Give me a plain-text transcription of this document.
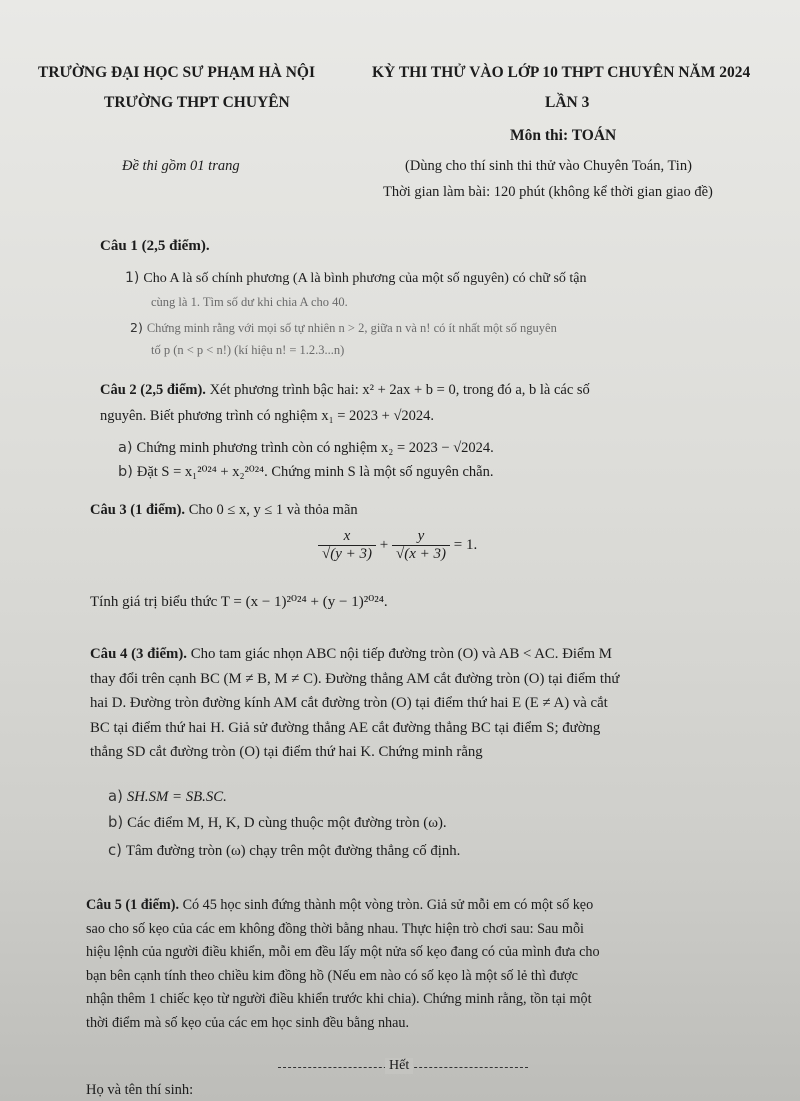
TRƯỜNG ĐẠI HỌC SƯ PHẠM HÀ NỘI
TRƯỜNG THPT CHUYÊN
Đề thi gồm 01 trang
KỲ THI THỬ VÀO LỚP 10 THPT CHUYÊN NĂM 2024
LẦN 3
Môn thi: TOÁN
(Dùng cho thí sinh thi thử vào Chuyên Toán, Tin)
Thời gian làm bài: 120 phút (không kể thời gian giao đề)
Câu 1 (2,5 điểm).
1) Cho A là số chính phương (A là bình phương của một số nguyên) có chữ số tận
cùng là 1. Tìm số dư khi chia A cho 40.
2) Chứng minh rằng với mọi số tự nhiên n > 2, giữa n và n! có ít nhất một số nguyên
tố p (n < p < n!) (kí hiệu n! = 1.2.3...n)
Câu 2 (2,5 điểm). Xét phương trình bậc hai: x² + 2ax + b = 0, trong đó a, b là các số
nguyên. Biết phương trình có nghiệm x₁ = 2023 + √2024.
a) Chứng minh phương trình còn có nghiệm x₂ = 2023 − √2024.
b) Đặt S = x₁²⁰²⁴ + x₂²⁰²⁴. Chứng minh S là một số nguyên chẵn.
Câu 3 (1 điểm). Cho 0 ≤ x, y ≤ 1 và thỏa mãn
$\frac{x}{√(y + 3)} + \frac{y}{√(x + 3)} = 1$.
Tính giá trị biểu thức T = (x − 1)²⁰²⁴ + (y − 1)²⁰²⁴.
Câu 4 (3 điểm). Cho tam giác nhọn ABC nội tiếp đường tròn (O) và AB < AC. Điểm M
thay đổi trên cạnh BC (M ≠ B, M ≠ C). Đường thẳng AM cắt đường tròn (O) tại điểm thứ
hai D. Đường tròn đường kính AM cắt đường tròn (O) tại điểm thứ hai E (E ≠ A) và cắt
BC tại điểm thứ hai H. Giả sử đường thẳng AE cắt đường thẳng BC tại điểm S; đường
thẳng SD cắt đường tròn (O) tại điểm thứ hai K. Chứng minh rằng
a) SH.SM = SB.SC.
b) Các điểm M, H, K, D cùng thuộc một đường tròn (ω).
c) Tâm đường tròn (ω) chạy trên một đường thẳng cố định.
Câu 5 (1 điểm). Có 45 học sinh đứng thành một vòng tròn. Giả sử mỗi em có một số kẹo
sao cho số kẹo của các em không đồng thời bằng nhau. Thực hiện trò chơi sau: Sau mỗi
hiệu lệnh của người điều khiển, mỗi em đều lấy một nửa số kẹo đang có của mình đưa cho
bạn bên cạnh tính theo chiều kim đồng hồ (Nếu em nào có số kẹo là một số lẻ thì được
nhận thêm 1 chiếc kẹo từ người điều khiển trước khi chia). Chứng minh rằng, tồn tại một
thời điểm mà số kẹo của các em học sinh đều bằng nhau.
Hết
Họ và tên thí sinh:
